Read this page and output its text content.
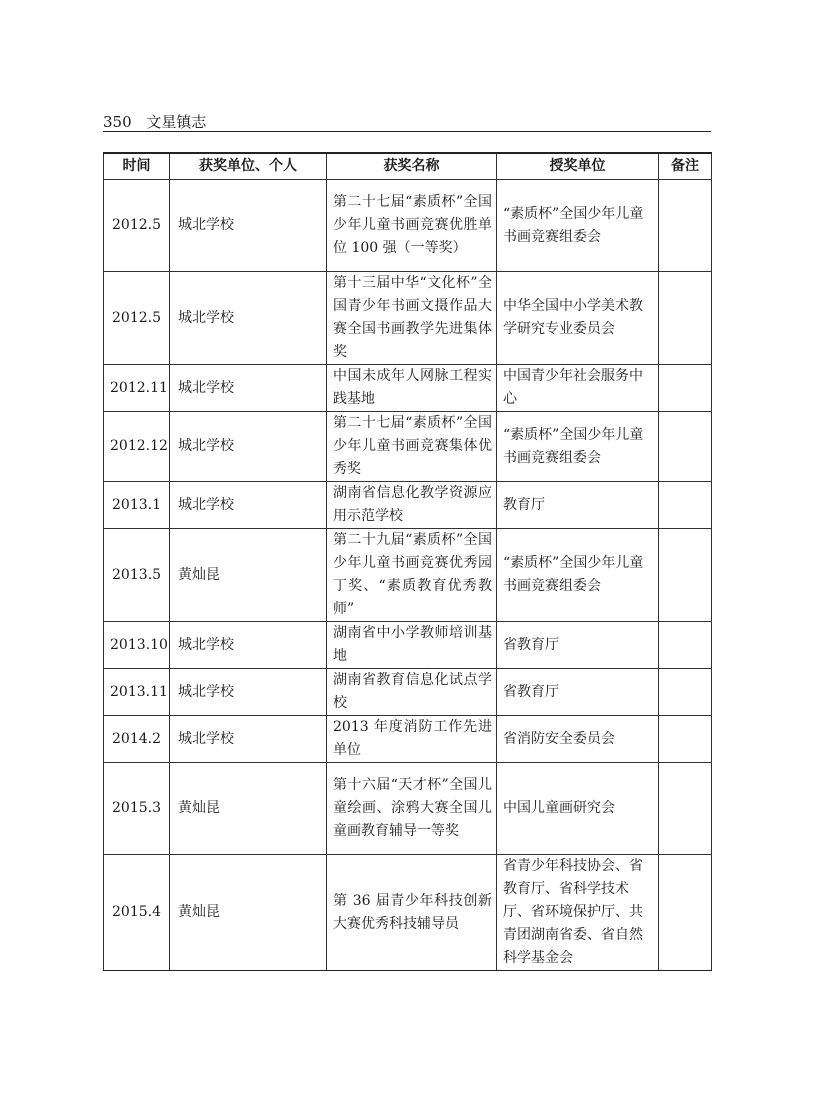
350 文星镇志
时间	获奖单位、个人	获奖名称	授奖单位	备注
2012.5	城北学校	第二十七届“素质杯”全国少年儿童书画竞赛优胜单位 100 强（一等奖）	“素质杯”全国少年儿童书画竞赛组委会	
2012.5	城北学校	第十三届中华“文化杯”全国青少年书画文摄作品大赛全国书画教学先进集体奖	中华全国中小学美术教学研究专业委员会	
2012.11	城北学校	中国未成年人网脉工程实践基地	中国青少年社会服务中心	
2012.12	城北学校	第二十七届“素质杯”全国少年儿童书画竞赛集体优秀奖	“素质杯”全国少年儿童书画竞赛组委会	
2013.1	城北学校	湖南省信息化教学资源应用示范学校	教育厅	
2013.5	黄灿昆	第二十九届“素质杯”全国少年儿童书画竞赛优秀园丁奖、“素质教育优秀教师”	“素质杯”全国少年儿童书画竞赛组委会	
2013.10	城北学校	湖南省中小学教师培训基地	省教育厅	
2013.11	城北学校	湖南省教育信息化试点学校	省教育厅	
2014.2	城北学校	2013 年度消防工作先进单位	省消防安全委员会	
2015.3	黄灿昆	第十六届“天才杯”全国儿童绘画、涂鸦大赛全国儿童画教育辅导一等奖	中国儿童画研究会	
2015.4	黄灿昆	第 36 届青少年科技创新大赛优秀科技辅导员	省青少年科技协会、省教育厅、省科学技术厅、省环境保护厅、共青团湖南省委、省自然科学基金会	
